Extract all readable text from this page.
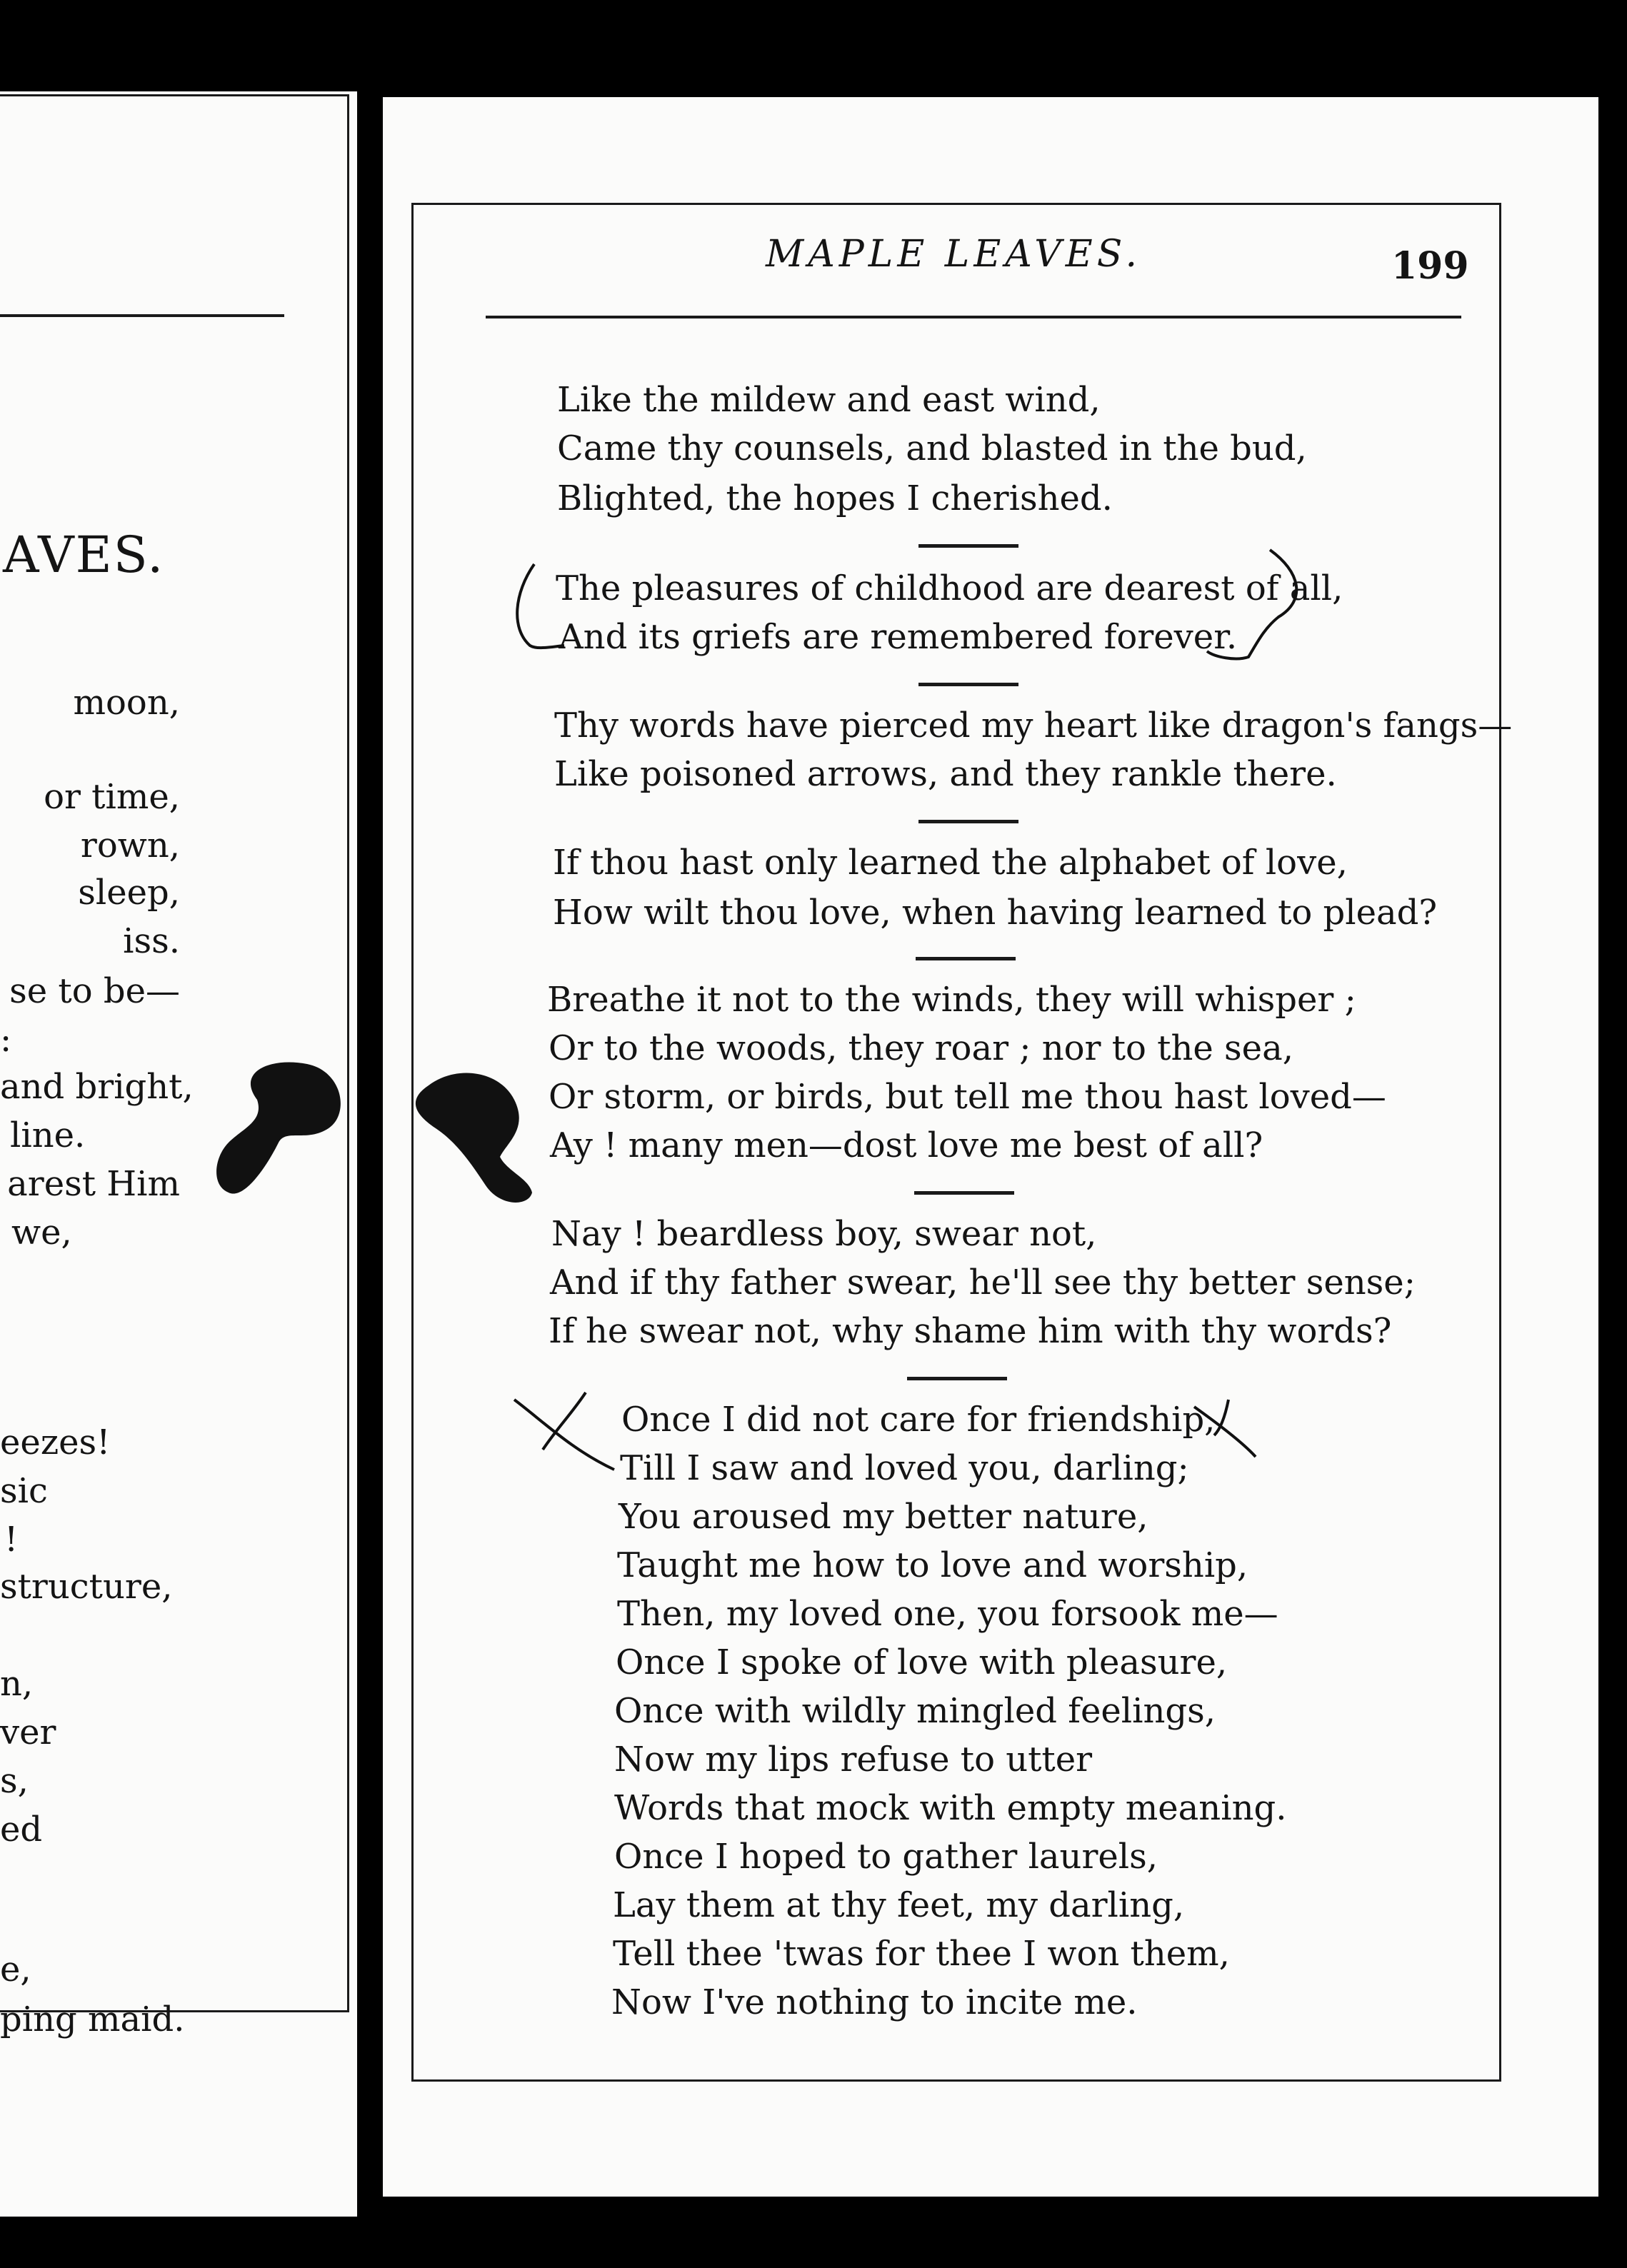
AVES.
moon,
or time,
rown,
sleep,
iss.
se to be—
:
and bright,
line.
arest Him
we,
eezes!
sic
!
structure,
n,
ver
s,
ed
e,
ping maid.
MAPLE LEAVES.	199
Like the mildew and east wind,
Came thy counsels, and blasted in the bud,
Blighted, the hopes I cherished.
The pleasures of childhood are dearest of all,
And its griefs are remembered forever.
Thy words have pierced my heart like dragon's fangs—
Like poisoned arrows, and they rankle there.
If thou hast only learned the alphabet of love,
How wilt thou love, when having learned to plead?
Breathe it not to the winds, they will whisper ;
Or to the woods, they roar ; nor to the sea,
Or storm, or birds, but tell me thou hast loved—
Ay ! many men—dost love me best of all?
Nay ! beardless boy, swear not,
And if thy father swear, he'll see thy better sense;
If he swear not, why shame him with thy words?
Once I did not care for friendship,
Till I saw and loved you, darling;
You aroused my better nature,
Taught me how to love and worship,
Then, my loved one, you forsook me—
Once I spoke of love with pleasure,
Once with wildly mingled feelings,
Now my lips refuse to utter
Words that mock with empty meaning.
Once I hoped to gather laurels,
Lay them at thy feet, my darling,
Tell thee 'twas for thee I won them,
Now I've nothing to incite me.
